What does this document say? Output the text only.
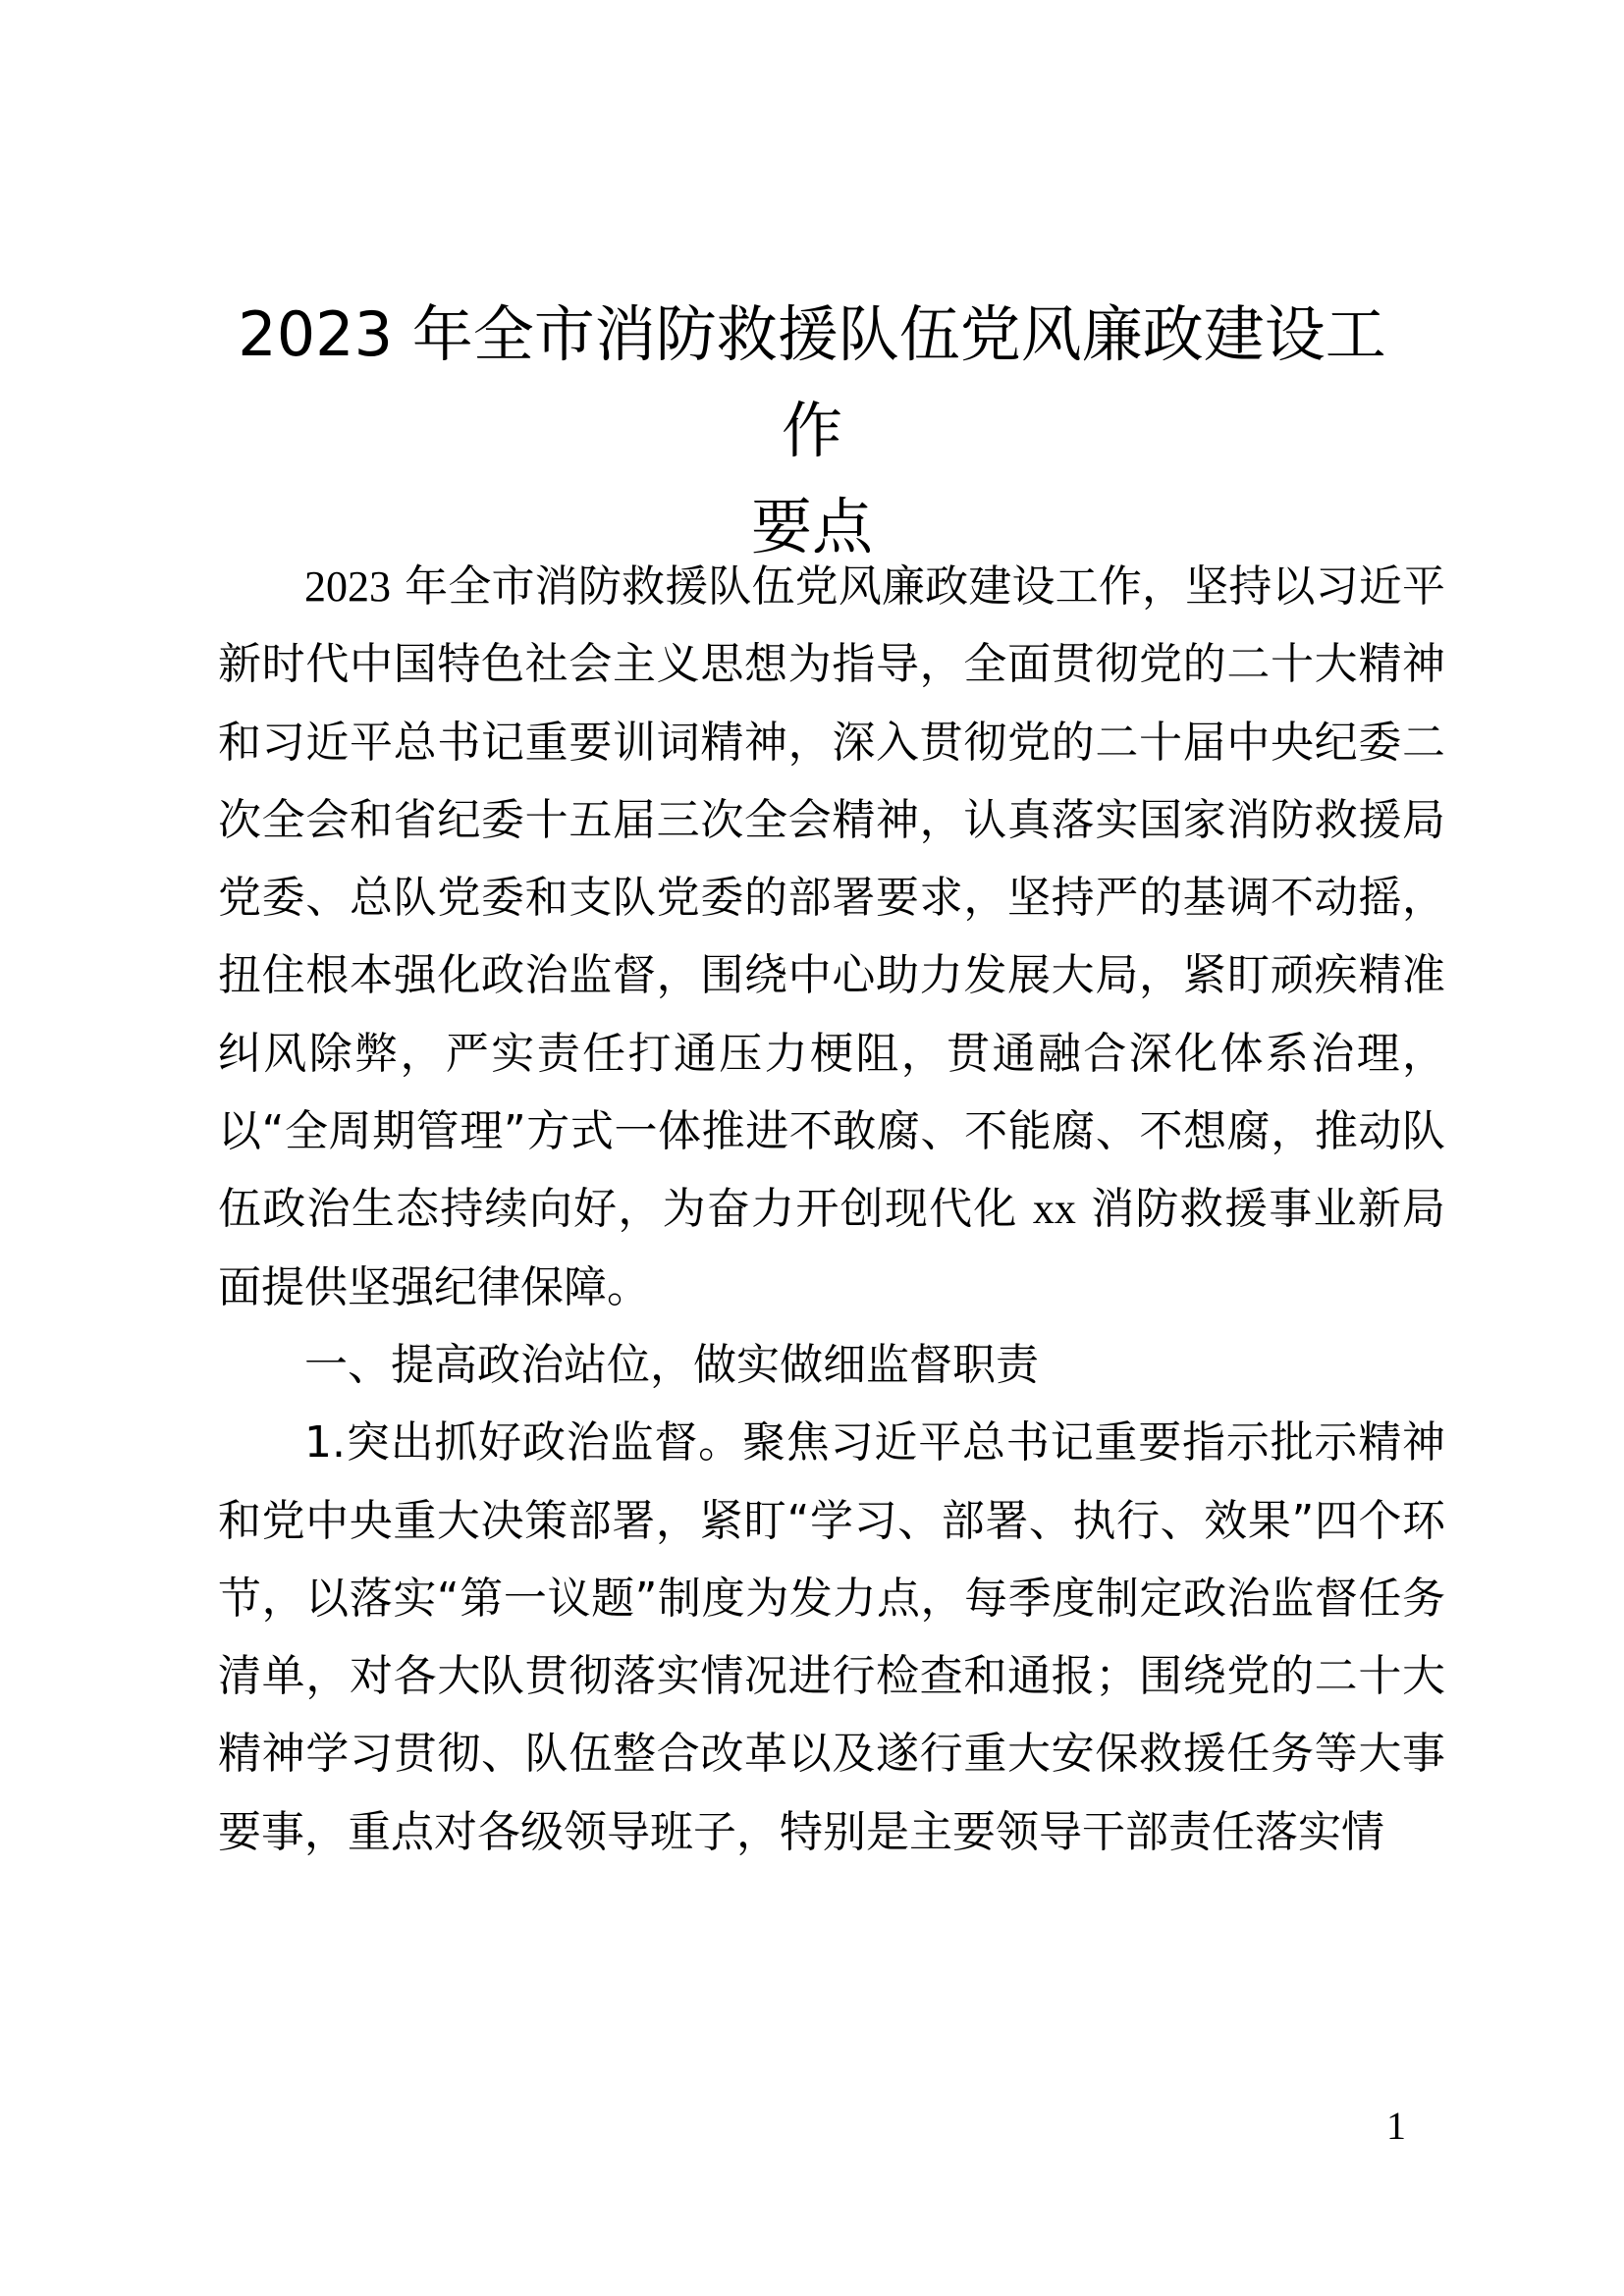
2023 年全市消防救援队伍党风廉政建设工作
要点

2023 年全市消防救援队伍党风廉政建设工作，坚持以习近平新时代中国特色社会主义思想为指导，全面贯彻党的二十大精神和习近平总书记重要训词精神，深入贯彻党的二十届中央纪委二次全会和省纪委十五届三次全会精神，认真落实国家消防救援局党委、总队党委和支队党委的部署要求，坚持严的基调不动摇，扭住根本强化政治监督，围绕中心助力发展大局，紧盯顽疾精准纠风除弊，严实责任打通压力梗阻，贯通融合深化体系治理，以“全周期管理”方式一体推进不敢腐、不能腐、不想腐，推动队伍政治生态持续向好，为奋力开创现代化 xx 消防救援事业新局面提供坚强纪律保障。

一、提高政治站位，做实做细监督职责

1.突出抓好政治监督。聚焦习近平总书记重要指示批示精神和党中央重大决策部署，紧盯“学习、部署、执行、效果”四个环节，以落实“第一议题”制度为发力点，每季度制定政治监督任务清单，对各大队贯彻落实情况进行检查和通报；围绕党的二十大精神学习贯彻、队伍整合改革以及遂行重大安保救援任务等大事要事，重点对各级领导班子，特别是主要领导干部责任落实情

1
